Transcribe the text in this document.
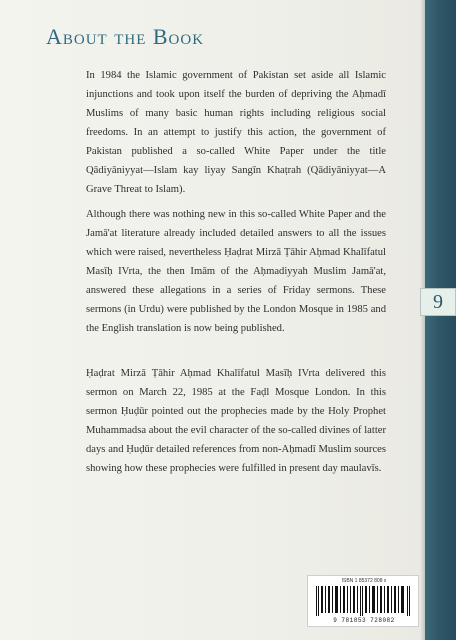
9
About the Book

In 1984 the Islamic government of Pakistan set aside all Islamic injunctions and took upon itself the burden of depriving the Aḥmadī Muslims of many basic human rights including religious social freedoms. In an attempt to justify this action, the government of Pakistan published a so-called White Paper under the title Qādiyāniyyat—Islam kay liyay Sangīn Khaṭrah (Qādiyāniyyat—A Grave Threat to Islam).

Although there was nothing new in this so-called White Paper and the Jamā'at literature already included detailed answers to all the issues which were raised, nevertheless Ḥaḍrat Mirzā Ṭāhir Aḥmad Khalīfatul Masīḥ IVrta, the then Imām of the Aḥmadiyyah Muslim Jamā'at, answered these allegations in a series of Friday sermons. These sermons (in Urdu) were published by the London Mosque in 1985 and the English translation is now being published.

Ḥaḍrat Mirzā Ṭāhir Aḥmad Khalīfatul Masīḥ IVrta delivered this sermon on March 22, 1985 at the Faḍl Mosque London. In this sermon Ḥuḍūr pointed out the prophecies made by the Holy Prophet Muhammadsa about the evil character of the so-called divines of latter days and Ḥuḍūr detailed references from non-Aḥmadī Muslim sources showing how these prophecies were fulfilled in present day maulavīs.

ISBN 1 85372 808 x
9 781853 728082
